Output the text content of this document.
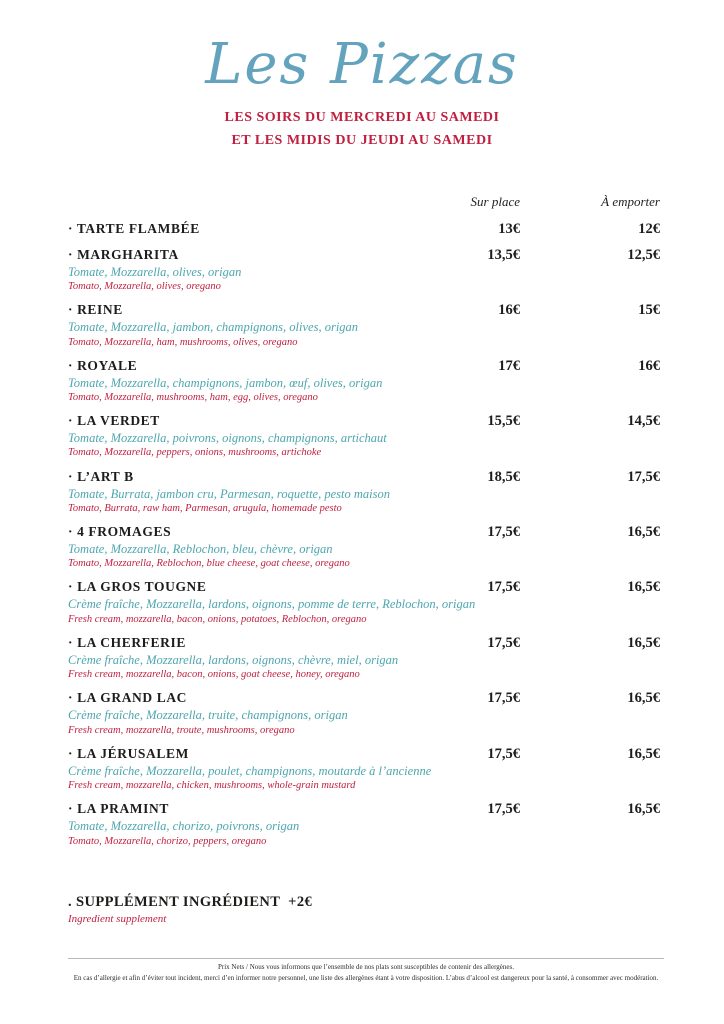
Les Pizzas
LES SOIRS DU MERCREDI AU SAMEDI
ET LES MIDIS DU JEUDI AU SAMEDI
Sur place	À emporter
· TARTE FLAMBÉE	13€	12€
· MARGHARITA	13,5€	12,5€
Tomate, Mozzarella, olives, origan
Tomato, Mozzarella, olives, oregano
· REINE	16€	15€
Tomate, Mozzarella, jambon, champignons, olives, origan
Tomato, Mozzarella, ham, mushrooms, olives, oregano
· ROYALE	17€	16€
Tomate, Mozzarella, champignons, jambon, œuf, olives, origan
Tomato, Mozzarella, mushrooms, ham, egg, olives, oregano
· LA VERDET	15,5€	14,5€
Tomate, Mozzarella, poivrons, oignons, champignons, artichaut
Tomato, Mozzarella, peppers, onions, mushrooms, artichoke
· L’ART B	18,5€	17,5€
Tomate, Burrata, jambon cru, Parmesan, roquette, pesto maison
Tomato, Burrata, raw ham, Parmesan, arugula, homemade pesto
· 4 FROMAGES	17,5€	16,5€
Tomate, Mozzarella, Reblochon, bleu, chèvre, origan
Tomato, Mozzarella, Reblochon, blue cheese, goat cheese, oregano
· LA GROS TOUGNE	17,5€	16,5€
Crème fraîche, Mozzarella, lardons, oignons, pomme de terre, Reblochon, origan
Fresh cream, mozzarella, bacon, onions, potatoes, Reblochon, oregano
· LA CHERFERIE	17,5€	16,5€
Crème fraîche, Mozzarella, lardons, oignons, chèvre, miel, origan
Fresh cream, mozzarella, bacon, onions, goat cheese, honey, oregano
· LA GRAND LAC	17,5€	16,5€
Crème fraîche, Mozzarella, truite, champignons, origan
Fresh cream, mozzarella, troute, mushrooms, oregano
· LA JÉRUSALEM	17,5€	16,5€
Crème fraîche, Mozzarella, poulet, champignons, moutarde à l’ancienne
Fresh cream, mozzarella, chicken, mushrooms, whole-grain mustard
· LA PRAMINT	17,5€	16,5€
Tomate, Mozzarella, chorizo, poivrons, origan
Tomato, Mozzarella, chorizo, peppers, oregano
. SUPPLÉMENT INGRÉDIENT  +2€
Ingredient supplement
Prix Nets / Nous vous informons que l’ensemble de nos plats sont susceptibles de contenir des allergènes.
En cas d’allergie et afin d’éviter tout incident, merci d’en informer notre personnel, une liste des allergènes étant à votre disposition. L’abus d’alcool est dangereux pour la santé, à consommer avec modération.
